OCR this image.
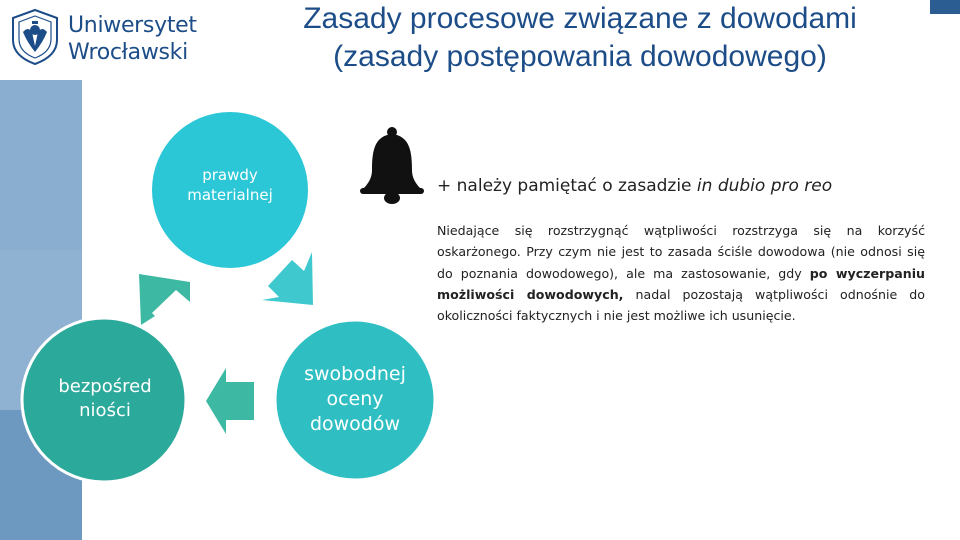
Uniwersytet
Wrocławski
Zasady procesowe związane z dowodami
(zasady postępowania dowodowego)
prawdy
materialnej
bezpośred
niości
swobodnej
oceny
dowodów
+ należy pamiętać o zasadzie in dubio pro reo
Niedające się rozstrzygnąć wątpliwości rozstrzyga się na korzyść oskarżonego. Przy czym nie jest to zasada ściśle dowodowa (nie odnosi się do poznania dowodowego), ale ma zastosowanie, gdy po wyczerpaniu możliwości dowodowych, nadal pozostają wątpliwości odnośnie do okoliczności faktycznych i nie jest możliwe ich usunięcie.
